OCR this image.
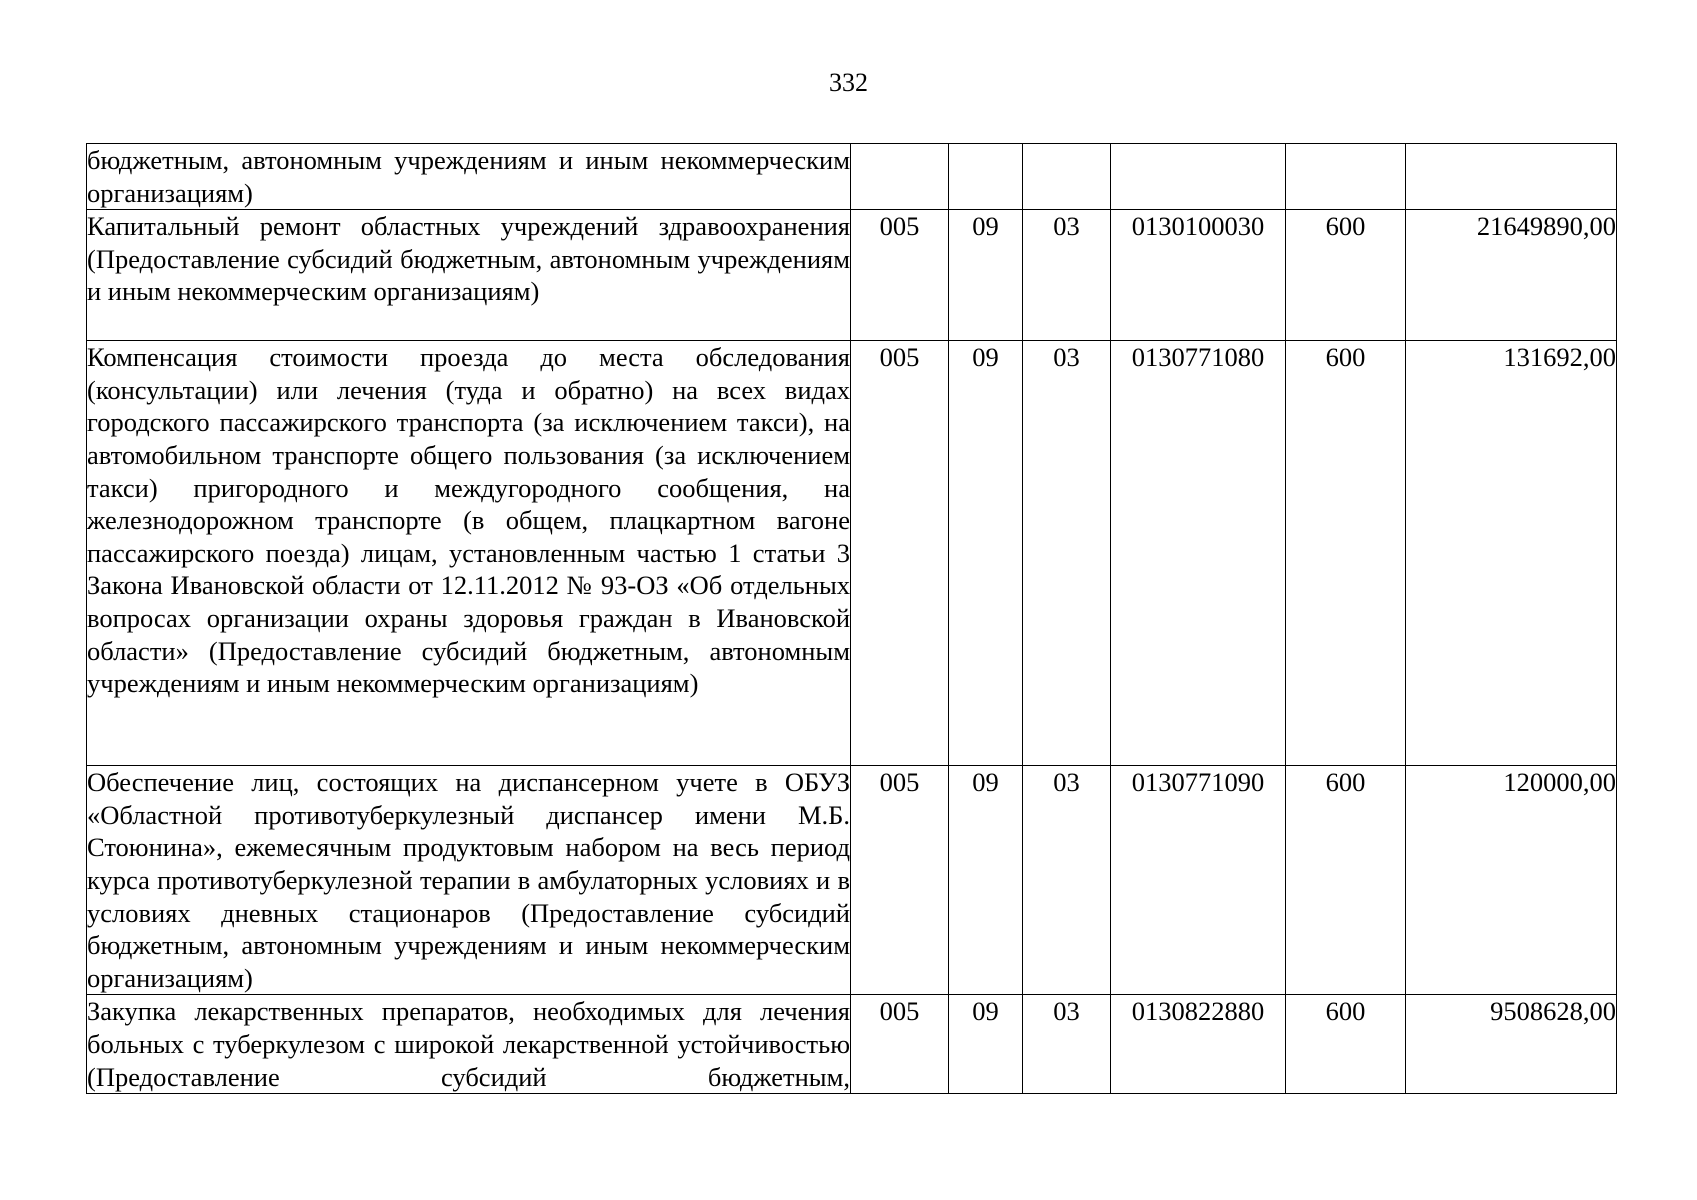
332
бюджетным, автономным учреждениям и иным некоммерческим организациям)						
Капитальный ремонт областных учреждений здравоохранения (Предоставление субсидий бюджетным, автономным учреждениям и иным некоммерческим организациям)	005	09	03	0130100030	600	21649890,00
Компенсация стоимости проезда до места обследования (консультации) или лечения (туда и обратно) на всех видах городского пассажирского транспорта (за исключением такси), на автомобильном транспорте общего пользования (за исключением такси) пригородного и междугородного сообщения, на железнодорожном транспорте (в общем, плацкартном вагоне пассажирского поезда) лицам, установленным частью 1 статьи 3 Закона Ивановской области от 12.11.2012 № 93-ОЗ «Об отдельных вопросах организации охраны здоровья граждан в Ивановской области» (Предоставление субсидий бюджетным, автономным учреждениям и иным некоммерческим организациям)	005	09	03	0130771080	600	131692,00
Обеспечение лиц, состоящих на диспансерном учете в ОБУЗ «Областной противотуберкулезный диспансер имени М.Б. Стоюнина», ежемесячным продуктовым набором на весь период курса противотуберкулезной терапии в амбулаторных условиях и в условиях дневных стационаров (Предоставление субсидий бюджетным, автономным учреждениям и иным некоммерческим организациям)	005	09	03	0130771090	600	120000,00
Закупка лекарственных препаратов, необходимых для лечения больных с туберкулезом с широкой лекарственной устойчивостью (Предоставление субсидий бюджетным,	005	09	03	0130822880	600	9508628,00
